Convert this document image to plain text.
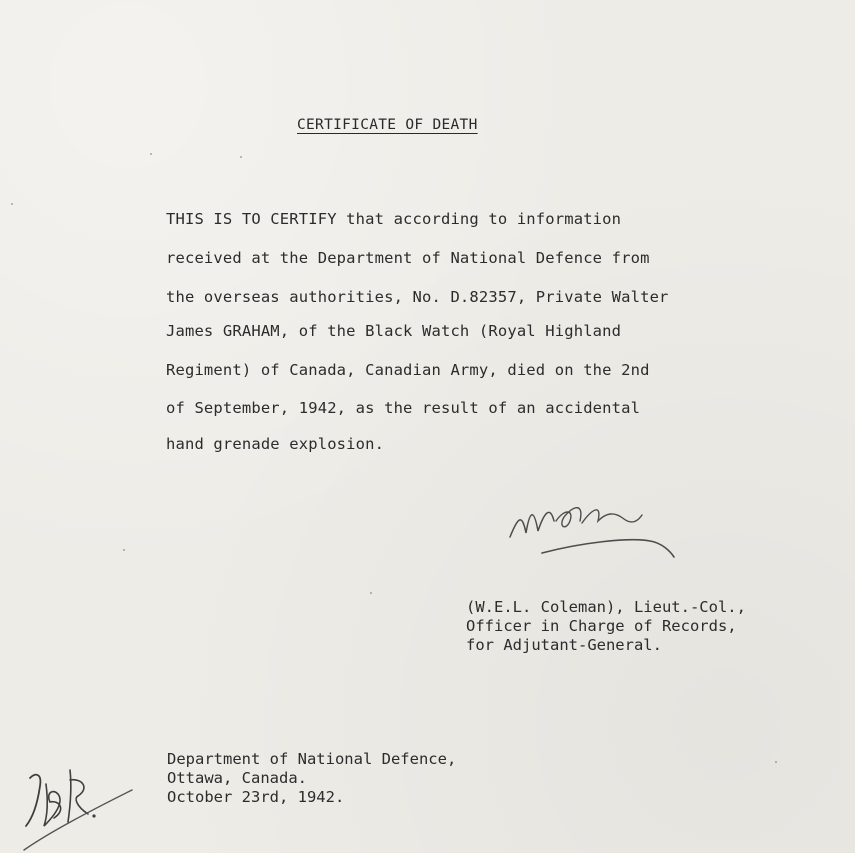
CERTIFICATE OF DEATH
THIS IS TO CERTIFY that according to information
received at the Department of National Defence from
the overseas authorities, No. D.82357, Private Walter
James GRAHAM, of the Black Watch (Royal Highland
Regiment) of Canada, Canadian Army, died on the 2nd
of September, 1942, as the result of an accidental
hand grenade explosion.
(W.E.L. Coleman), Lieut.-Col.,
Officer in Charge of Records,
for Adjutant-General.
Department of National Defence,
Ottawa, Canada.
October 23rd, 1942.
